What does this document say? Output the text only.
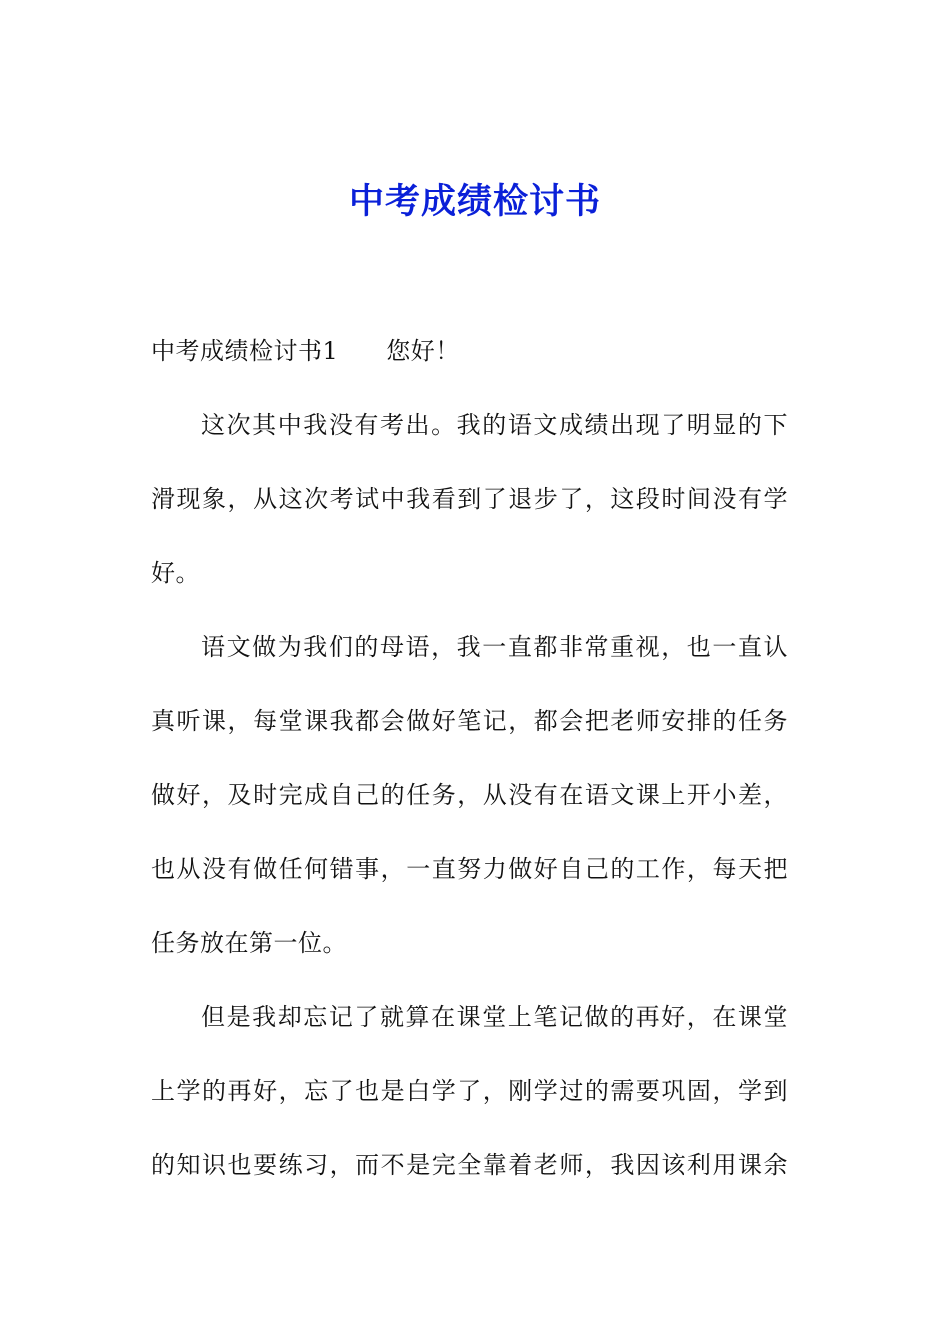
中考成绩检讨书
中考成绩检讨书1 您好！
这次其中我没有考出。我的语文成绩出现了明显的下
滑现象，从这次考试中我看到了退步了，这段时间没有学
好。
语文做为我们的母语，我一直都非常重视，也一直认
真听课，每堂课我都会做好笔记，都会把老师安排的任务
做好，及时完成自己的任务，从没有在语文课上开小差，
也从没有做任何错事，一直努力做好自己的工作，每天把
任务放在第一位。
但是我却忘记了就算在课堂上笔记做的再好，在课堂
上学的再好，忘了也是白学了，刚学过的需要巩固，学到
的知识也要练习，而不是完全靠着老师，我因该利用课余
